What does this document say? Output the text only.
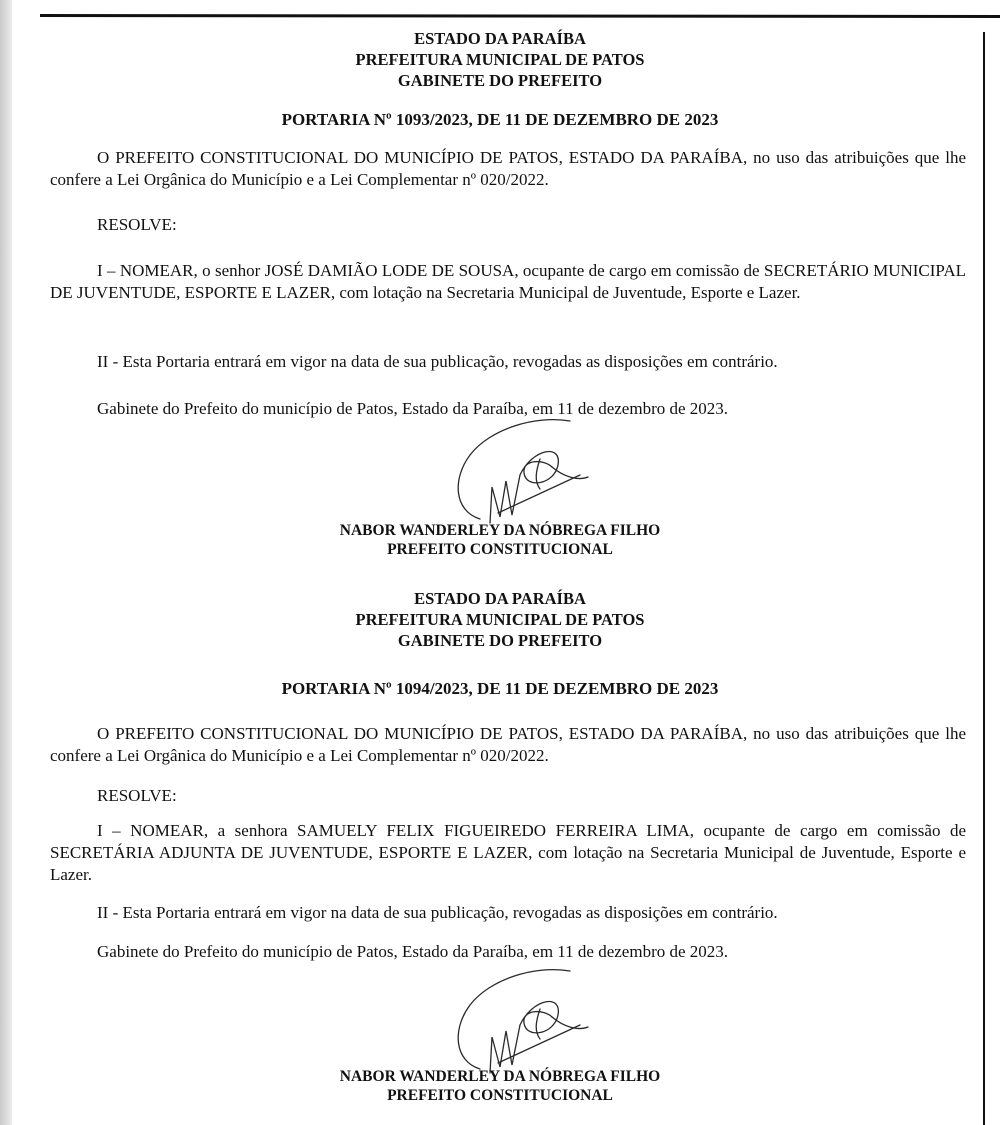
ESTADO DA PARAÍBA
PREFEITURA MUNICIPAL DE PATOS
GABINETE DO PREFEITO
PORTARIA Nº 1093/2023, DE 11 DE DEZEMBRO DE 2023

O PREFEITO CONSTITUCIONAL DO MUNICÍPIO DE PATOS, ESTADO DA PARAÍBA, no uso das atribuições que lhe confere a Lei Orgânica do Município e a Lei Complementar nº 020/2022.

RESOLVE:

I – NOMEAR, o senhor JOSÉ DAMIÃO LODE DE SOUSA, ocupante de cargo em comissão de SECRETÁRIO MUNICIPAL DE JUVENTUDE, ESPORTE E LAZER, com lotação na Secretaria Municipal de Juventude, Esporte e Lazer.

II - Esta Portaria entrará em vigor na data de sua publicação, revogadas as disposições em contrário.

Gabinete do Prefeito do município de Patos, Estado da Paraíba, em 11 de dezembro de 2023.

NABOR WANDERLEY DA NÓBREGA FILHO
PREFEITO CONSTITUCIONAL
ESTADO DA PARAÍBA
PREFEITURA MUNICIPAL DE PATOS
GABINETE DO PREFEITO
PORTARIA Nº 1094/2023, DE 11 DE DEZEMBRO DE 2023

O PREFEITO CONSTITUCIONAL DO MUNICÍPIO DE PATOS, ESTADO DA PARAÍBA, no uso das atribuições que lhe confere a Lei Orgânica do Município e a Lei Complementar nº 020/2022.

RESOLVE:

I – NOMEAR, a senhora SAMUELY FELIX FIGUEIREDO FERREIRA LIMA, ocupante de cargo em comissão de SECRETÁRIA ADJUNTA DE JUVENTUDE, ESPORTE E LAZER, com lotação na Secretaria Municipal de Juventude, Esporte e Lazer.

II - Esta Portaria entrará em vigor na data de sua publicação, revogadas as disposições em contrário.

Gabinete do Prefeito do município de Patos, Estado da Paraíba, em 11 de dezembro de 2023.

NABOR WANDERLEY DA NÓBREGA FILHO
PREFEITO CONSTITUCIONAL
